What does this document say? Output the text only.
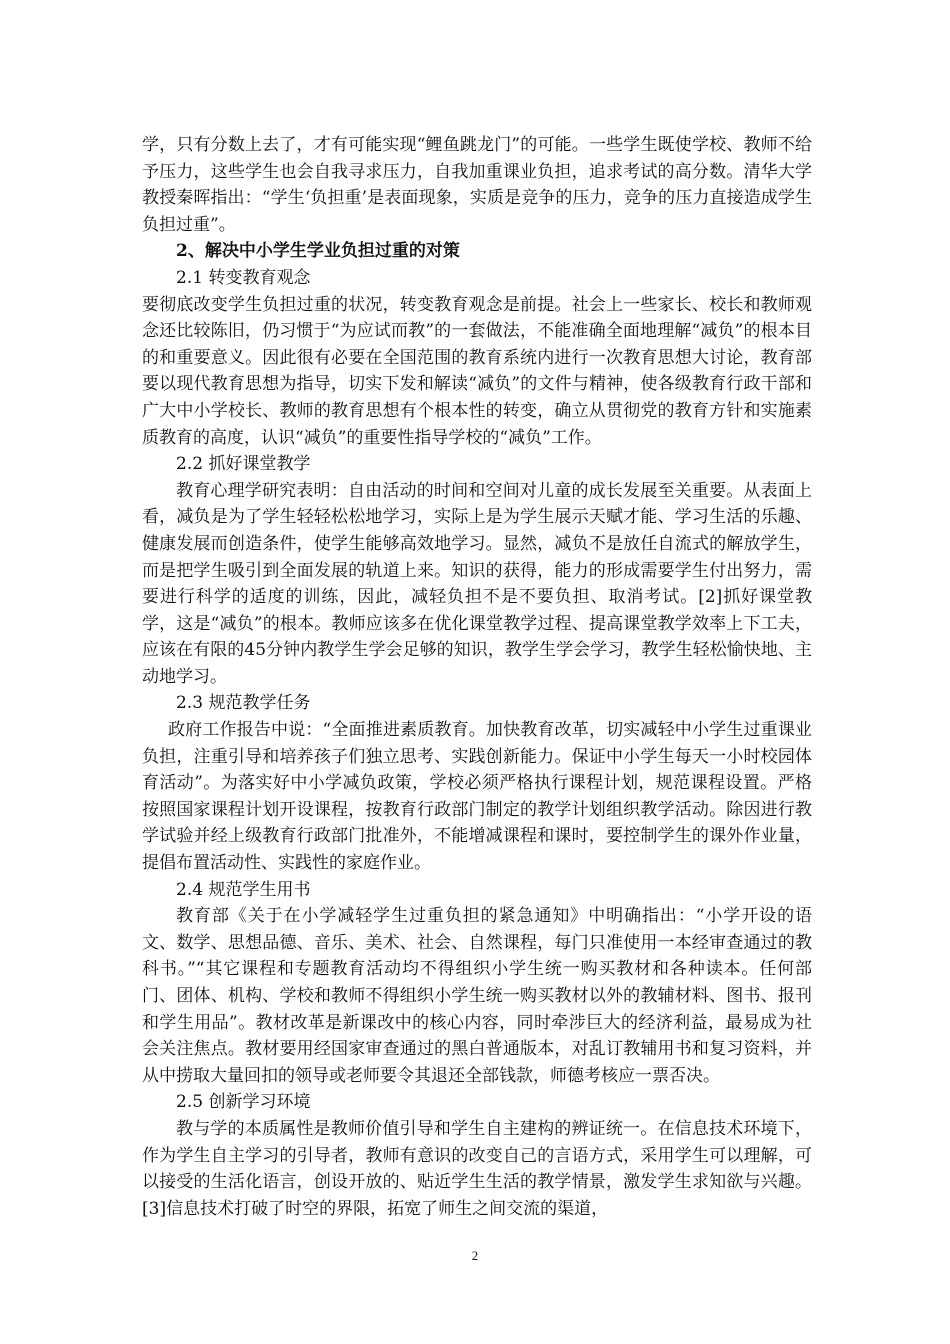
学，只有分数上去了，才有可能实现“鲤鱼跳龙门”的可能。一些学生既使学校、教师不给予压力，这些学生也会自我寻求压力，自我加重课业负担，追求考试的高分数。清华大学教授秦晖指出：“学生‘负担重’是表面现象，实质是竞争的压力，竞争的压力直接造成学生负担过重”。

2、解决中小学生学业负担过重的对策

2.1 转变教育观念

要彻底改变学生负担过重的状况，转变教育观念是前提。社会上一些家长、校长和教师观念还比较陈旧，仍习惯于“为应试而教”的一套做法，不能准确全面地理解“减负”的根本目的和重要意义。因此很有必要在全国范围的教育系统内进行一次教育思想大讨论，教育部要以现代教育思想为指导，切实下发和解读“减负”的文件与精神，使各级教育行政干部和广大中小学校长、教师的教育思想有个根本性的转变，确立从贯彻党的教育方针和实施素质教育的高度，认识“减负”的重要性指导学校的“减负”工作。

2.2 抓好课堂教学

教育心理学研究表明：自由活动的时间和空间对儿童的成长发展至关重要。从表面上看，减负是为了学生轻轻松松地学习，实际上是为学生展示天赋才能、学习生活的乐趣、健康发展而创造条件，使学生能够高效地学习。显然，减负不是放任自流式的解放学生，而是把学生吸引到全面发展的轨道上来。知识的获得，能力的形成需要学生付出努力，需要进行科学的适度的训练，因此，减轻负担不是不要负担、取消考试。[2]抓好课堂教学，这是“减负”的根本。教师应该多在优化课堂教学过程、提高课堂教学效率上下工夫，应该在有限的45分钟内教学生学会足够的知识，教学生学会学习，教学生轻松愉快地、主动地学习。

2.3 规范教学任务

政府工作报告中说：“全面推进素质教育。加快教育改革，切实减轻中小学生过重课业负担，注重引导和培养孩子们独立思考、实践创新能力。保证中小学生每天一小时校园体育活动”。为落实好中小学减负政策，学校必须严格执行课程计划，规范课程设置。严格按照国家课程计划开设课程，按教育行政部门制定的教学计划组织教学活动。除因进行教学试验并经上级教育行政部门批准外，不能增减课程和课时，要控制学生的课外作业量，提倡布置活动性、实践性的家庭作业。

2.4 规范学生用书

教育部《关于在小学减轻学生过重负担的紧急通知》中明确指出：“小学开设的语文、数学、思想品德、音乐、美术、社会、自然课程，每门只准使用一本经审查通过的教科书。”“其它课程和专题教育活动均不得组织小学生统一购买教材和各种读本。任何部门、团体、机构、学校和教师不得组织小学生统一购买教材以外的教辅材料、图书、报刊和学生用品”。教材改革是新课改中的核心内容，同时牵涉巨大的经济利益，最易成为社会关注焦点。教材要用经国家审查通过的黑白普通版本，对乱订教辅用书和复习资料，并从中捞取大量回扣的领导或老师要令其退还全部钱款，师德考核应一票否决。

2.5 创新学习环境

教与学的本质属性是教师价值引导和学生自主建构的辨证统一。在信息技术环境下，作为学生自主学习的引导者，教师有意识的改变自己的言语方式，采用学生可以理解，可以接受的生活化语言，创设开放的、贴近学生生活的教学情景，激发学生求知欲与兴趣。[3]信息技术打破了时空的界限，拓宽了师生之间交流的渠道，

2
